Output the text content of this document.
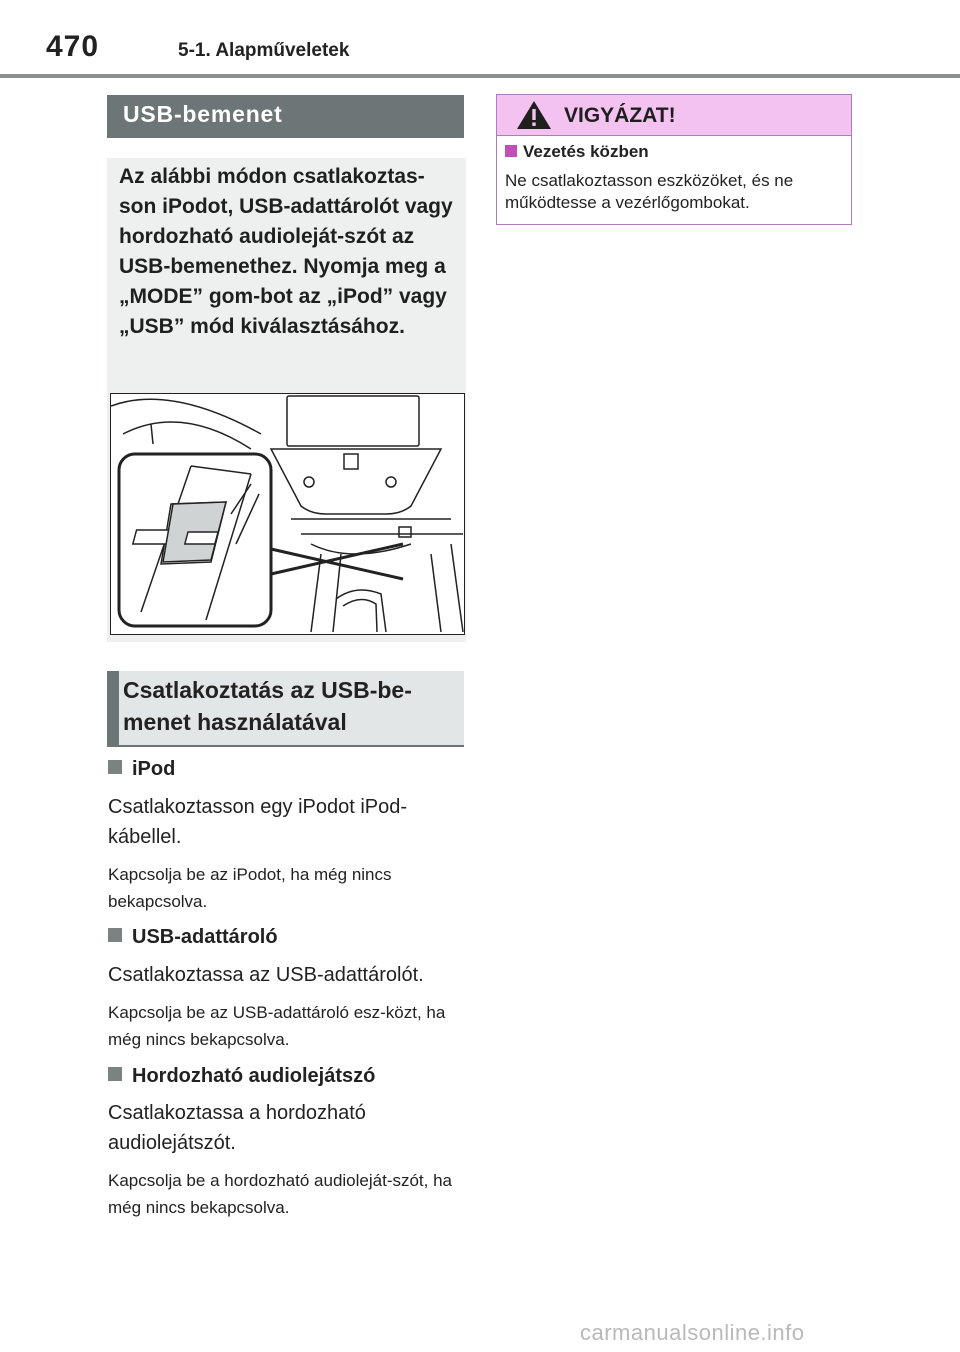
470	5-1. Alapműveletek
USB-bemenet
Az alábbi módon csatlakoztas-son iPodot, USB-adattárolót vagy hordozható audioleját-szót az USB-bemenethez. Nyomja meg a „MODE” gom-bot az „iPod” vagy „USB” mód kiválasztásához.
Csatlakoztatás az USB-be-menet használatával
iPod
Csatlakoztasson egy iPodot iPod-kábellel.
Kapcsolja be az iPodot, ha még nincs bekapcsolva.
USB-adattároló
Csatlakoztassa az USB-adattárolót.
Kapcsolja be az USB-adattároló esz-közt, ha még nincs bekapcsolva.
Hordozható audiolejátszó
Csatlakoztassa a hordozható audiolejátszót.
Kapcsolja be a hordozható audioleját-szót, ha még nincs bekapcsolva.
VIGYÁZAT!
Vezetés közben
Ne csatlakoztasson eszközöket, és ne működtesse a vezérlőgombokat.
carmanualsonline.info
